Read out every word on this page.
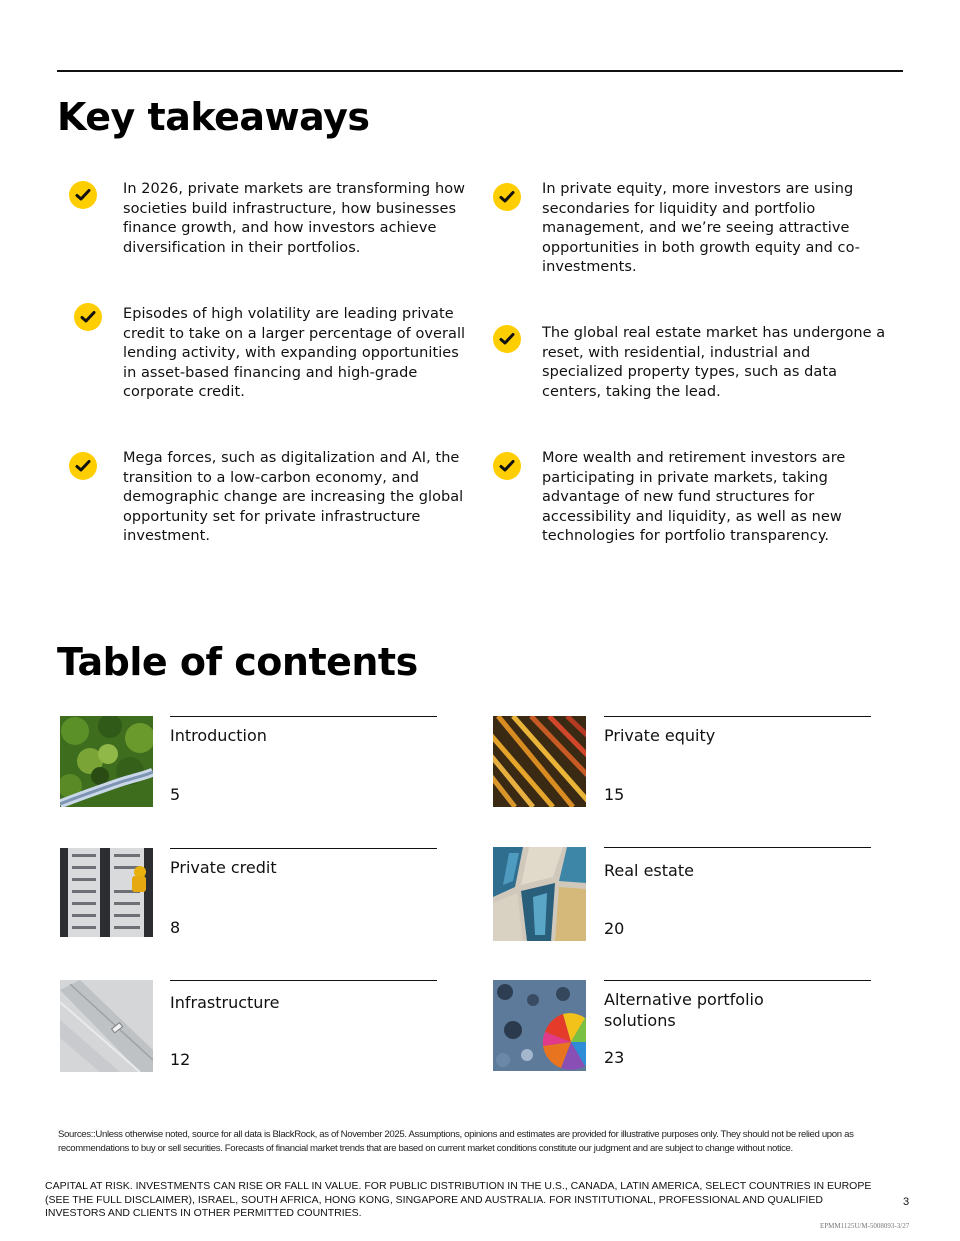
Key takeaways
In 2026, private markets are transforming how societies build infrastructure, how businesses finance growth, and how investors achieve diversification in their portfolios.
In private equity, more investors are using secondaries for liquidity and portfolio management, and we’re seeing attractive opportunities in both growth equity and co-investments.
Episodes of high volatility are leading private credit to take on a larger percentage of overall lending activity, with expanding opportunities in asset-based financing and high-grade corporate credit.
The global real estate market has undergone a reset, with residential, industrial and specialized property types, such as data centers, taking the lead.
Mega forces, such as digitalization and AI, the transition to a low-carbon economy, and demographic change are increasing the global opportunity set for private infrastructure investment.
More wealth and retirement investors are participating in private markets, taking advantage of new fund structures for accessibility and liquidity, as well as new technologies for portfolio transparency.
Table of contents
Introduction
5
Private equity
15
Private credit
8
Real estate
20
Infrastructure
12
Alternative portfolio solutions
23
Sources::Unless otherwise noted, source for all data is BlackRock, as of November 2025. Assumptions, opinions and estimates are provided for illustrative purposes only. They should not be relied upon as recommendations to buy or sell securities. Forecasts of financial market trends that are based on current market conditions constitute our judgment and are subject to change without notice.
CAPITAL AT RISK. INVESTMENTS CAN RISE OR FALL IN VALUE. FOR PUBLIC DISTRIBUTION IN THE U.S., CANADA, LATIN AMERICA, SELECT COUNTRIES IN EUROPE (SEE THE FULL DISCLAIMER), ISRAEL, SOUTH AFRICA, HONG KONG, SINGAPORE AND AUSTRALIA. FOR INSTITUTIONAL, PROFESSIONAL AND QUALIFIED INVESTORS AND CLIENTS IN OTHER PERMITTED COUNTRIES.
3
EPMM1125U/M-5008093-3/27
